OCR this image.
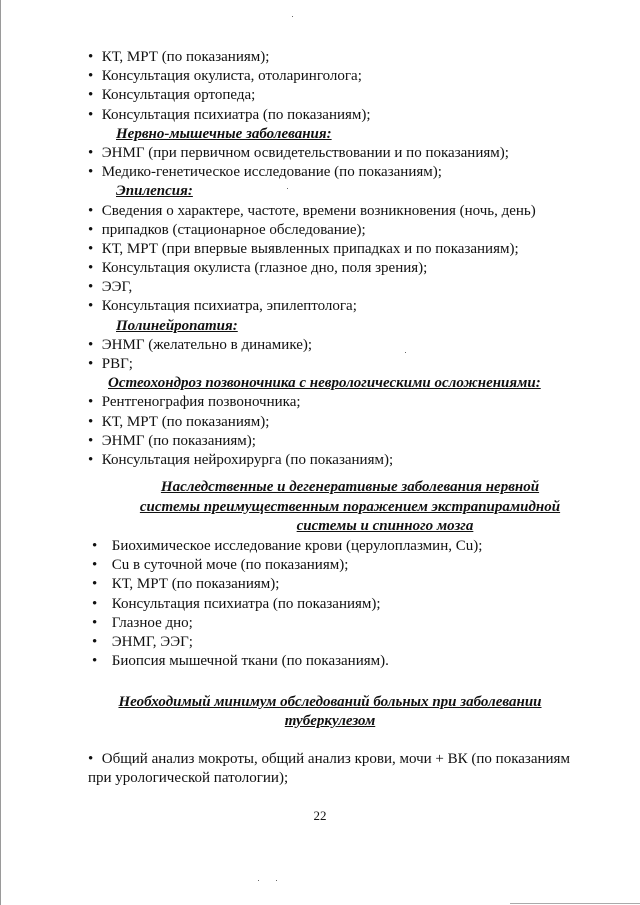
• КТ, МРТ (по показаниям);
• Консультация окулиста, отоларинголога;
• Консультация ортопеда;
• Консультация психиатра (по показаниям);
Нервно-мышечные заболевания:
• ЭНМГ (при первичном освидетельствовании и по показаниям);
• Медико-генетическое исследование (по показаниям);
Эпилепсия:
• Сведения о характере, частоте, времени возникновения (ночь, день)
• припадков (стационарное обследование);
• КТ, МРТ (при впервые выявленных припадках и по показаниям);
• Консультация окулиста (глазное дно, поля зрения);
• ЭЭГ,
• Консультация психиатра, эпилептолога;
Полинейропатия:
• ЭНМГ (желательно в динамике);
• РВГ;
Остеохондроз позвоночника с неврологическими осложнениями:
• Рентгенография позвоночника;
• КТ, МРТ (по показаниям);
• ЭНМГ (по показаниям);
• Консультация нейрохирурга (по показаниям);
Наследственные и дегенеративные заболевания нервной
системы преимущественным поражением экстрапирамидной
системы и спинного мозга
• Биохимическое исследование крови (церулоплазмин, Cu);
• Cu в суточной моче (по показаниям);
• КТ, МРТ (по показаниям);
• Консультация психиатра (по показаниям);
• Глазное дно;
• ЭНМГ, ЭЭГ;
• Биопсия мышечной ткани (по показаниям).
Необходимый минимум обследований больных при заболевании
туберкулезом
• Общий анализ мокроты, общий анализ крови, мочи + ВК (по показаниям
при урологической патологии);
22
